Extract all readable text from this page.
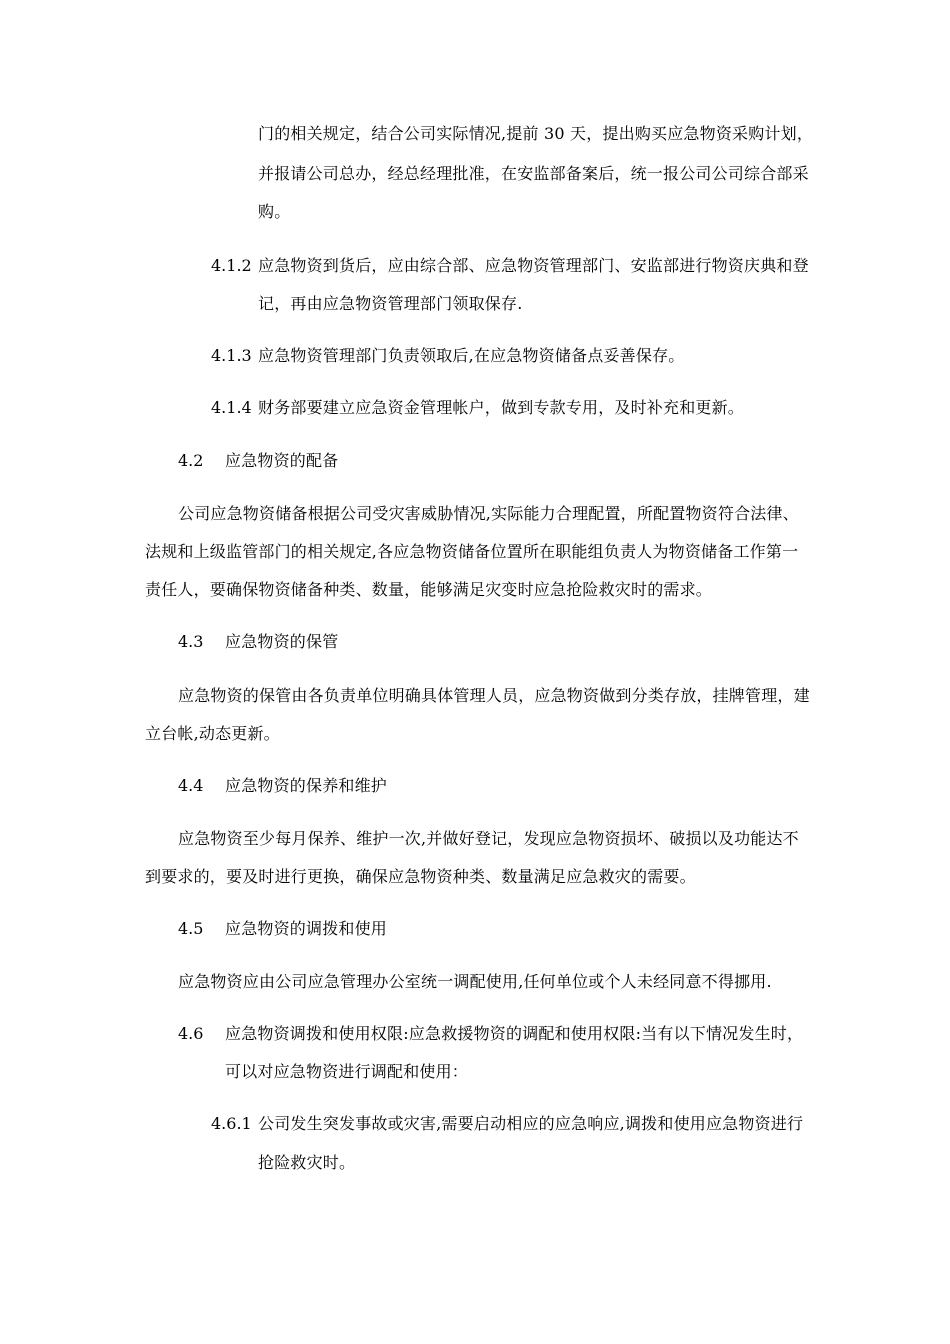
门的相关规定，结合公司实际情况,提前 30 天，提出购买应急物资采购计划，
并报请公司总办，经总经理批准，在安监部备案后，统一报公司公司综合部采
购。
4.1.2 应急物资到货后，应由综合部、应急物资管理部门、安监部进行物资庆典和登
记，再由应急物资管理部门领取保存.
4.1.3 应急物资管理部门负责领取后,在应急物资储备点妥善保存。
4.1.4 财务部要建立应急资金管理帐户，做到专款专用，及时补充和更新。
4.2 应急物资的配备
公司应急物资储备根据公司受灾害威胁情况,实际能力合理配置，所配置物资符合法律、
法规和上级监管部门的相关规定,各应急物资储备位置所在职能组负责人为物资储备工作第一
责任人，要确保物资储备种类、数量，能够满足灾变时应急抢险救灾时的需求。
4.3 应急物资的保管
应急物资的保管由各负责单位明确具体管理人员，应急物资做到分类存放，挂牌管理，建
立台帐,动态更新。
4.4 应急物资的保养和维护
应急物资至少每月保养、维护一次,并做好登记，发现应急物资损坏、破损以及功能达不
到要求的，要及时进行更换，确保应急物资种类、数量满足应急救灾的需要。
4.5 应急物资的调拨和使用
应急物资应由公司应急管理办公室统一调配使用,任何单位或个人未经同意不得挪用.
4.6 应急物资调拨和使用权限:应急救援物资的调配和使用权限:当有以下情况发生时，
可以对应急物资进行调配和使用：
4.6.1 公司发生突发事故或灾害,需要启动相应的应急响应,调拨和使用应急物资进行
抢险救灾时。
